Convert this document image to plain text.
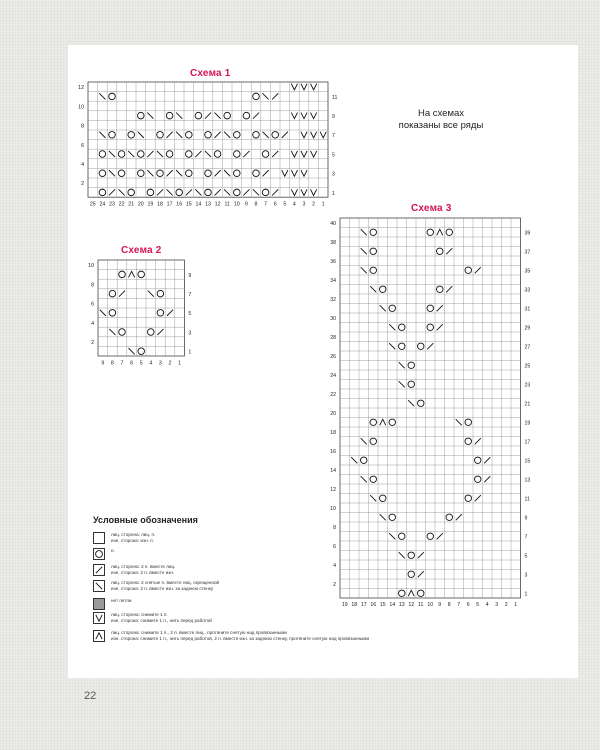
22
Схема 1
12
10
8
6
4
2
11
9
7
5
3
1
25 24 23 22 21 20 19 18 17 16 15 14 13 12 11 10 9 8 7 6 5 4 3 2 1
На схемах
показаны все ряды
Схема 2
10
8
6
4
2
9
7
5
3
1
9 8 7 6 5 4 3 2 1
Схема 3
40
38
36
34
32
30
28
26
24
22
20
18
16
14
12
10
8
6
4
2
39
37
35
33
31
29
27
25
23
21
19
17
15
13
11
9
7
5
3
1
19 18 17 16 15 14 13 12 11 10 9 8 7 6 5 4 3 2 1
Условные обозначения
лиц. сторона: лиц. п.
изн. сторона: изн. п.
н.
лиц. сторона: 2 п. вместе лиц.
изн. сторона: 2 п. вместе изн.
лиц. сторона: 2 снятые п. вместе лиц. скрещенной
изн. сторона: 2 п. вместе изн. за заднюю стенку
нет петли
лиц. сторона: снимите 1 п.
изн. сторона: снимите 1 п., нить перед работой
лиц. сторона: снимите 1 п., 2 п. вместе лиц., протяните снятую над провязанными
изн. сторона: снимите 1 п., нить перед работой, 2 п. вместе изн. за заднюю стенку, протяните снятую над провязанными
